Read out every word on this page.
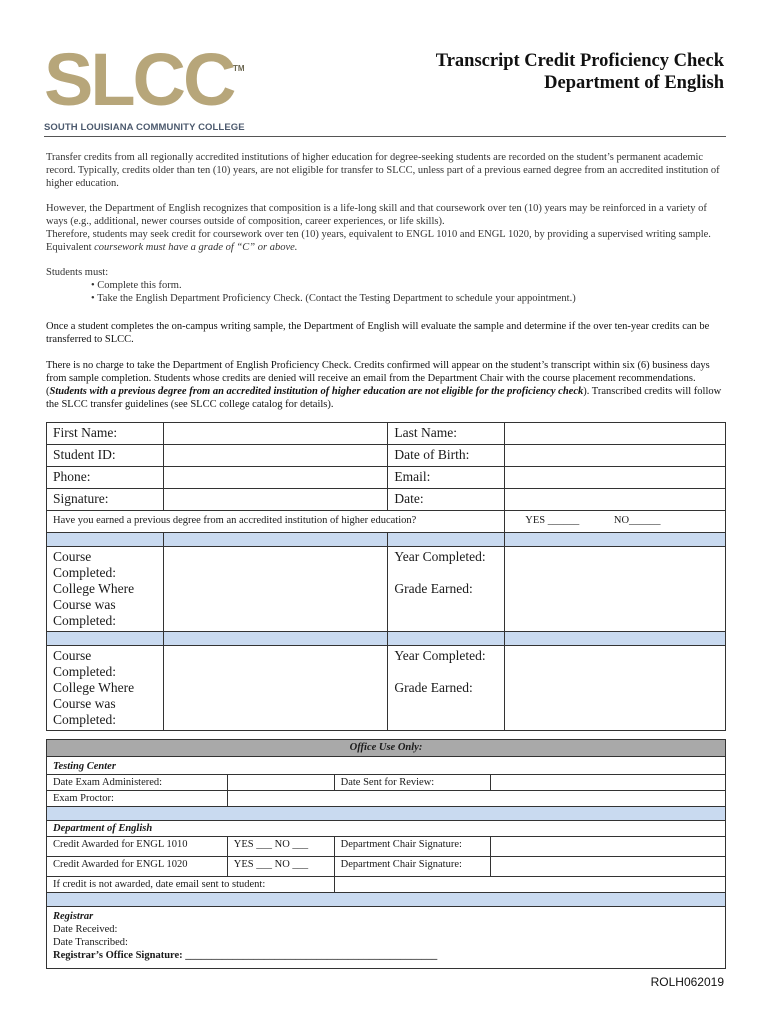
SLCC
SOUTH LOUISIANA COMMUNITY COLLEGE
TM	Transcript Credit Proficiency Check
Department of English
Transfer credits from all regionally accredited institutions of higher education for degree-seeking students are recorded on the student’s permanent academic record. Typically, credits older than ten (10) years, are not eligible for transfer to SLCC, unless part of a previous earned degree from an accredited institution of higher education.
However, the Department of English recognizes that composition is a life-long skill and that coursework over ten (10) years may be reinforced in a variety of ways (e.g., additional, newer courses outside of composition, career experiences, or life skills).
Therefore, students may seek credit for coursework over ten (10) years, equivalent to ENGL 1010 and ENGL 1020, by providing a supervised writing sample. Equivalent coursework must have a grade of “C” or above.
Students must:
• Complete this form.
• Take the English Department Proficiency Check. (Contact the Testing Department to schedule your appointment.)
Once a student completes the on-campus writing sample, the Department of English will evaluate the sample and determine if the over ten-year credits can be transferred to SLCC.
There is no charge to take the Department of English Proficiency Check. Credits confirmed will appear on the student’s transcript within six (6) business days from sample completion. Students whose credits are denied will receive an email from the Department Chair with the course placement recommendations. (Students with a previous degree from an accredited institution of higher education are not eligible for the proficiency check). Transcribed credits will follow the SLCC transfer guidelines (see SLCC college catalog for details).
First Name:		Last Name:	
Student ID:		Date of Birth:	
Phone:		Email:	
Signature:		Date:	
Have you earned a previous degree from an accredited institution of higher education?			YES ______ NO______

Course Completed:
College Where Course was Completed:		Year Completed:
Grade Earned:	

Course Completed:
College Where Course was Completed:		Year Completed:
Grade Earned:	

Office Use Only:			
Testing Center			
Date Exam Administered:		Date Sent for Review:	
Exam Proctor:			

Department of English			
Credit Awarded for ENGL 1010	YES ___ NO ___	Department Chair Signature:	
Credit Awarded for ENGL 1020	YES ___ NO ___	Department Chair Signature:	
If credit is not awarded, date email sent to student:			

Registrar
Date Received:
Date Transcribed:
Registrar’s Office Signature: ________________________________________________			
ROLH062019
